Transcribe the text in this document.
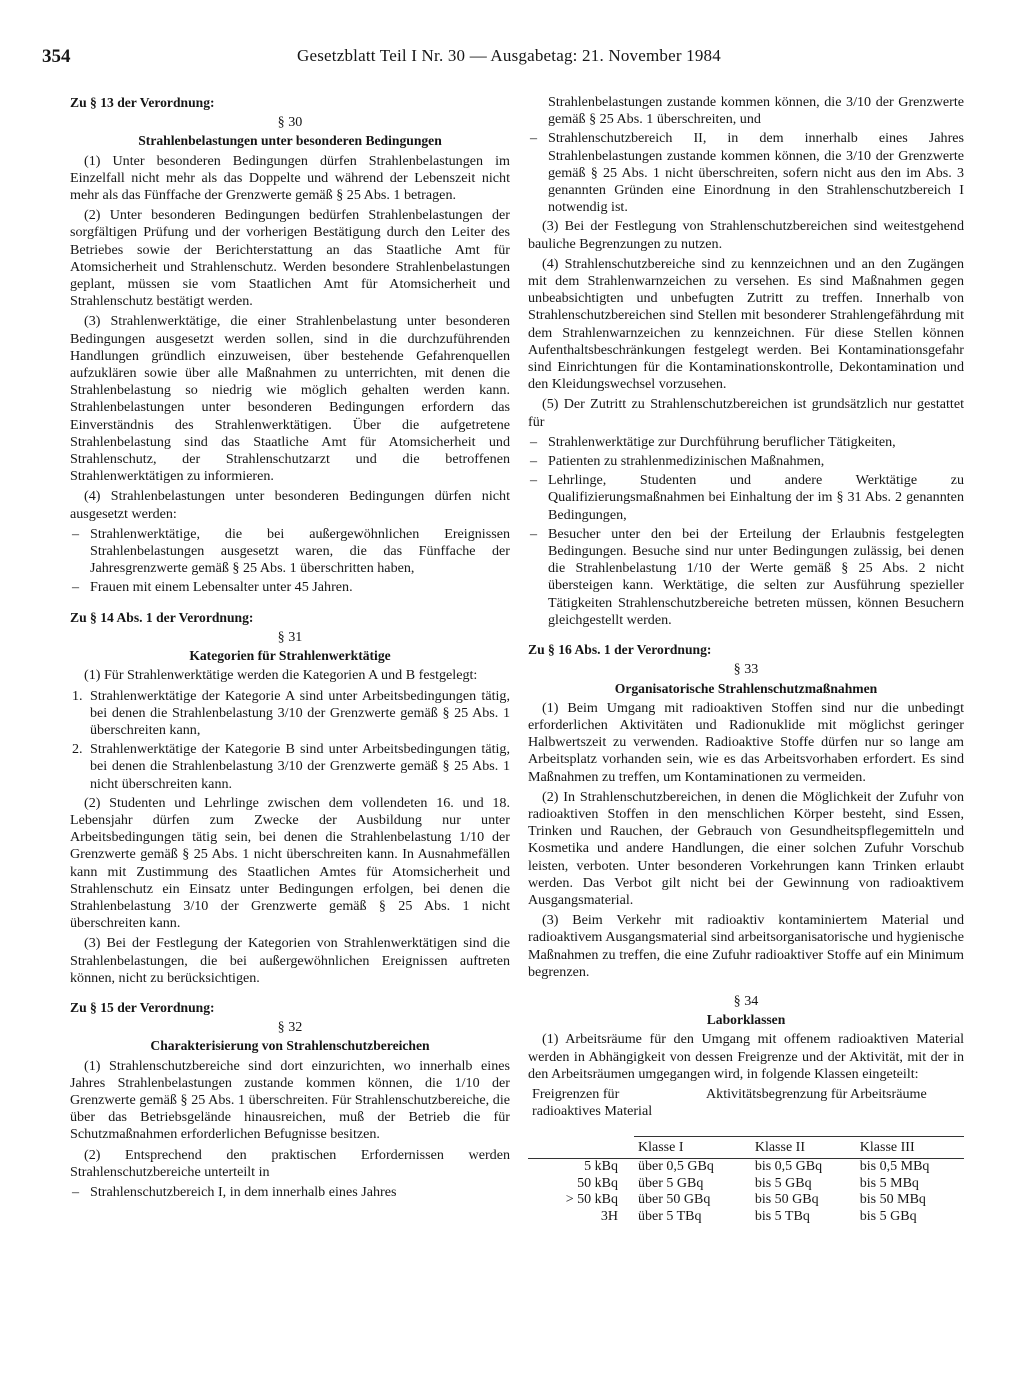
354	Gesetzblatt Teil I Nr. 30 — Ausgabetag: 21. November 1984
Zu § 13 der Verordnung:
§ 30
Strahlenbelastungen unter besonderen Bedingungen

(1) Unter besonderen Bedingungen dürfen Strahlenbelastungen im Einzelfall nicht mehr als das Doppelte und während der Lebenszeit nicht mehr als das Fünffache der Grenzwerte gemäß § 25 Abs. 1 betragen.

(2) Unter besonderen Bedingungen bedürfen Strahlenbelastungen der sorgfältigen Prüfung und der vorherigen Bestätigung durch den Leiter des Betriebes sowie der Berichterstattung an das Staatliche Amt für Atomsicherheit und Strahlenschutz. Werden besondere Strahlenbelastungen geplant, müssen sie vom Staatlichen Amt für Atomsicherheit und Strahlenschutz bestätigt werden.

(3) Strahlenwerktätige, die einer Strahlenbelastung unter besonderen Bedingungen ausgesetzt werden sollen, sind in die durchzuführenden Handlungen gründlich einzuweisen, über bestehende Gefahrenquellen aufzuklären sowie über alle Maßnahmen zu unterrichten, mit denen die Strahlenbelastung so niedrig wie möglich gehalten werden kann. Strahlenbelastungen unter besonderen Bedingungen erfordern das Einverständnis des Strahlenwerktätigen. Über die aufgetretene Strahlenbelastung sind das Staatliche Amt für Atomsicherheit und Strahlenschutz, der Strahlenschutzarzt und die betroffenen Strahlenwerktätigen zu informieren.

(4) Strahlenbelastungen unter besonderen Bedingungen dürfen nicht ausgesetzt werden:

– Strahlenwerktätige, die bei außergewöhnlichen Ereignissen Strahlenbelastungen ausgesetzt waren, die das Fünffache der Jahresgrenzwerte gemäß § 25 Abs. 1 überschritten haben,
– Frauen mit einem Lebensalter unter 45 Jahren.
Zu § 14 Abs. 1 der Verordnung:
§ 31
Kategorien für Strahlenwerktätige

(1) Für Strahlenwerktätige werden die Kategorien A und B festgelegt:

1. Strahlenwerktätige der Kategorie A sind unter Arbeitsbedingungen tätig, bei denen die Strahlenbelastung 3/10 der Grenzwerte gemäß § 25 Abs. 1 überschreiten kann,
2. Strahlenwerktätige der Kategorie B sind unter Arbeitsbedingungen tätig, bei denen die Strahlenbelastung 3/10 der Grenzwerte gemäß § 25 Abs. 1 nicht überschreiten kann.

(2) Studenten und Lehrlinge zwischen dem vollendeten 16. und 18. Lebensjahr dürfen zum Zwecke der Ausbildung nur unter Arbeitsbedingungen tätig sein, bei denen die Strahlenbelastung 1/10 der Grenzwerte gemäß § 25 Abs. 1 nicht überschreiten kann. In Ausnahmefällen kann mit Zustimmung des Staatlichen Amtes für Atomsicherheit und Strahlenschutz ein Einsatz unter Bedingungen erfolgen, bei denen die Strahlenbelastung 3/10 der Grenzwerte gemäß § 25 Abs. 1 nicht überschreiten kann.

(3) Bei der Festlegung der Kategorien von Strahlenwerktätigen sind die Strahlenbelastungen, die bei außergewöhnlichen Ereignissen auftreten können, nicht zu berücksichtigen.

Zu § 15 der Verordnung:
§ 32
Charakterisierung von Strahlenschutzbereichen

(1) Strahlenschutzbereiche sind dort einzurichten, wo innerhalb eines Jahres Strahlenbelastungen zustande kommen können, die 1/10 der Grenzwerte gemäß § 25 Abs. 1 überschreiten. Für Strahlenschutzbereiche, die über das Betriebsgelände hinausreichen, muß der Betrieb die für Schutzmaßnahmen erforderlichen Befugnisse besitzen.

(2) Entsprechend den praktischen Erfordernissen werden Strahlenschutzbereiche unterteilt in

– Strahlenschutzbereich I, in dem innerhalb eines Jahres
Strahlenbelastungen zustande kommen können, die 3/10 der Grenzwerte gemäß § 25 Abs. 1 überschreiten, und
– Strahlenschutzbereich II, in dem innerhalb eines Jahres Strahlenbelastungen zustande kommen können, die 3/10 der Grenzwerte gemäß § 25 Abs. 1 nicht überschreiten, sofern nicht aus den im Abs. 3 genannten Gründen eine Einordnung in den Strahlenschutzbereich I notwendig ist.

(3) Bei der Festlegung von Strahlenschutzbereichen sind weitestgehend bauliche Begrenzungen zu nutzen.

(4) Strahlenschutzbereiche sind zu kennzeichnen und an den Zugängen mit dem Strahlenwarnzeichen zu versehen. Es sind Maßnahmen gegen unbeabsichtigten und unbefugten Zutritt zu treffen. Innerhalb von Strahlenschutzbereichen sind Stellen mit besonderer Strahlengefährdung mit dem Strahlenwarnzeichen zu kennzeichnen. Für diese Stellen können Aufenthaltsbeschränkungen festgelegt werden. Bei Kontaminationsgefahr sind Einrichtungen für die Kontaminationskontrolle, Dekontamination und den Kleidungswechsel vorzusehen.

(5) Der Zutritt zu Strahlenschutzbereichen ist grundsätzlich nur gestattet für

– Strahlenwerktätige zur Durchführung beruflicher Tätigkeiten,
– Patienten zu strahlenmedizinischen Maßnahmen,
– Lehrlinge, Studenten und andere Werktätige zu Qualifizierungsmaßnahmen bei Einhaltung der im § 31 Abs. 2 genannten Bedingungen,
– Besucher unter den bei der Erteilung der Erlaubnis festgelegten Bedingungen. Besuche sind nur unter Bedingungen zulässig, bei denen die Strahlenbelastung 1/10 der Werte gemäß § 25 Abs. 2 nicht übersteigen kann. Werktätige, die selten zur Ausführung spezieller Tätigkeiten Strahlenschutzbereiche betreten müssen, können Besuchern gleichgestellt werden.
Zu § 16 Abs. 1 der Verordnung:
§ 33
Organisatorische Strahlenschutzmaßnahmen

(1) Beim Umgang mit radioaktiven Stoffen sind nur die unbedingt erforderlichen Aktivitäten und Radionuklide mit möglichst geringer Halbwertszeit zu verwenden. Radioaktive Stoffe dürfen nur so lange am Arbeitsplatz vorhanden sein, wie es das Arbeitsvorhaben erfordert. Es sind Maßnahmen zu treffen, um Kontaminationen zu vermeiden.

(2) In Strahlenschutzbereichen, in denen die Möglichkeit der Zufuhr von radioaktiven Stoffen in den menschlichen Körper besteht, sind Essen, Trinken und Rauchen, der Gebrauch von Gesundheitspflegemitteln und Kosmetika und andere Handlungen, die einer solchen Zufuhr Vorschub leisten, verboten. Unter besonderen Vorkehrungen kann Trinken erlaubt werden. Das Verbot gilt nicht bei der Gewinnung von radioaktivem Ausgangsmaterial.

(3) Beim Verkehr mit radioaktiv kontaminiertem Material und radioaktivem Ausgangsmaterial sind arbeitsorganisatorische und hygienische Maßnahmen zu treffen, die eine Zufuhr radioaktiver Stoffe auf ein Minimum begrenzen.

§ 34
Laborklassen

(1) Arbeitsräume für den Umgang mit offenem radioaktiven Material werden in Abhängigkeit von dessen Freigrenze und der Aktivität, mit der in den Arbeitsräumen umgegangen wird, in folgende Klassen eingeteilt:

Freigrenzen für radioaktives Material
Aktivitätsbegrenzung für Arbeitsräume
	Klasse I	Klasse II	Klasse III
5 kBq	über 0,5 GBq	bis 0,5 GBq	bis 0,5 MBq
50 kBq	über 5 GBq	bis 5 GBq	bis 5 MBq
> 50 kBq	über 50 GBq	bis 50 GBq	bis 50 MBq
3H	über 5 TBq	bis 5 TBq	bis 5 GBq
